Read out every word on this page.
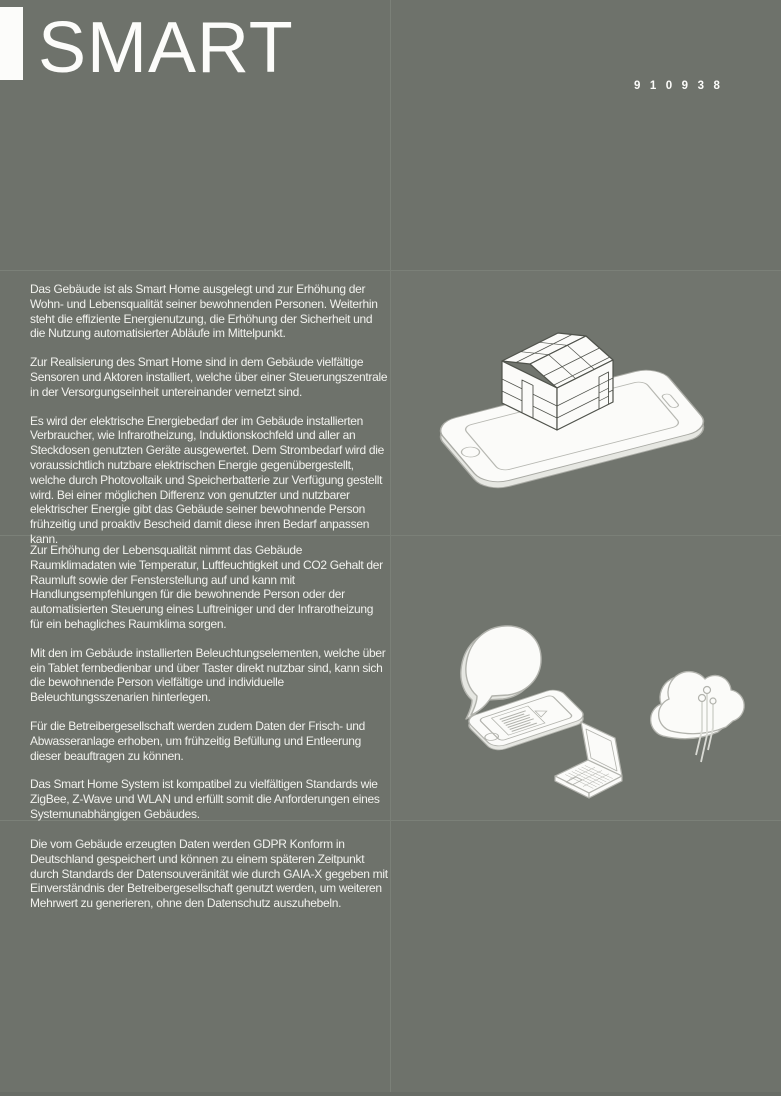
SMART	910938

Das Gebäude ist als Smart Home ausgelegt und zur Erhöhung der Wohn- und Lebensqualität seiner bewohnenden Personen. Weiterhin steht die effiziente Energienutzung, die Erhöhung der Sicherheit und die Nutzung automatisierter Abläufe im Mittelpunkt.

Zur Realisierung des Smart Home sind in dem Gebäude vielfältige Sensoren und Aktoren installiert, welche über einer Steuerungszentrale in der Versorgungseinheit untereinander vernetzt sind.

Es wird der elektrische Energiebedarf der im Gebäude installierten Verbraucher, wie Infrarotheizung, Induktionskochfeld und aller an Steckdosen genutzten Geräte ausgewertet. Dem Strombedarf wird die voraussichtlich nutzbare elektrischen Energie gegenübergestellt, welche durch Photovoltaik und Speicherbatterie zur Verfügung gestellt wird. Bei einer möglichen Differenz von genutzter und nutzbarer elektrischer Energie gibt das Gebäude seiner bewohnende Person frühzeitig und proaktiv Bescheid damit diese ihren Bedarf anpassen kann.

Zur Erhöhung der Lebensqualität nimmt das Gebäude Raumklimadaten wie Temperatur, Luftfeuchtigkeit und CO2 Gehalt der Raumluft sowie der Fensterstellung auf und kann mit Handlungsempfehlungen für die bewohnende Person oder der automatisierten Steuerung eines Luftreiniger und der Infrarotheizung für ein behagliches Raumklima sorgen.

Mit den im Gebäude installierten Beleuchtungselementen, welche über ein Tablet fernbedienbar und über Taster direkt nutzbar sind, kann sich die bewohnende Person vielfältige und individuelle Beleuchtungsszenarien hinterlegen.

Für die Betreibergesellschaft werden zudem Daten der Frisch- und Abwasseranlage erhoben, um frühzeitig Befüllung und Entleerung dieser beauftragen zu können.

Das Smart Home System ist kompatibel zu vielfältigen Standards wie ZigBee, Z-Wave und WLAN und erfüllt somit die Anforderungen eines Systemunabhängigen Gebäudes.

Die vom Gebäude erzeugten Daten werden GDPR Konform in Deutschland gespeichert und können zu einem späteren Zeitpunkt durch Standards der Datensouveränität wie durch GAIA-X gegeben mit Einverständnis der Betreibergesellschaft genutzt werden, um weiteren Mehrwert zu generieren, ohne den Datenschutz auszuhebeln.
